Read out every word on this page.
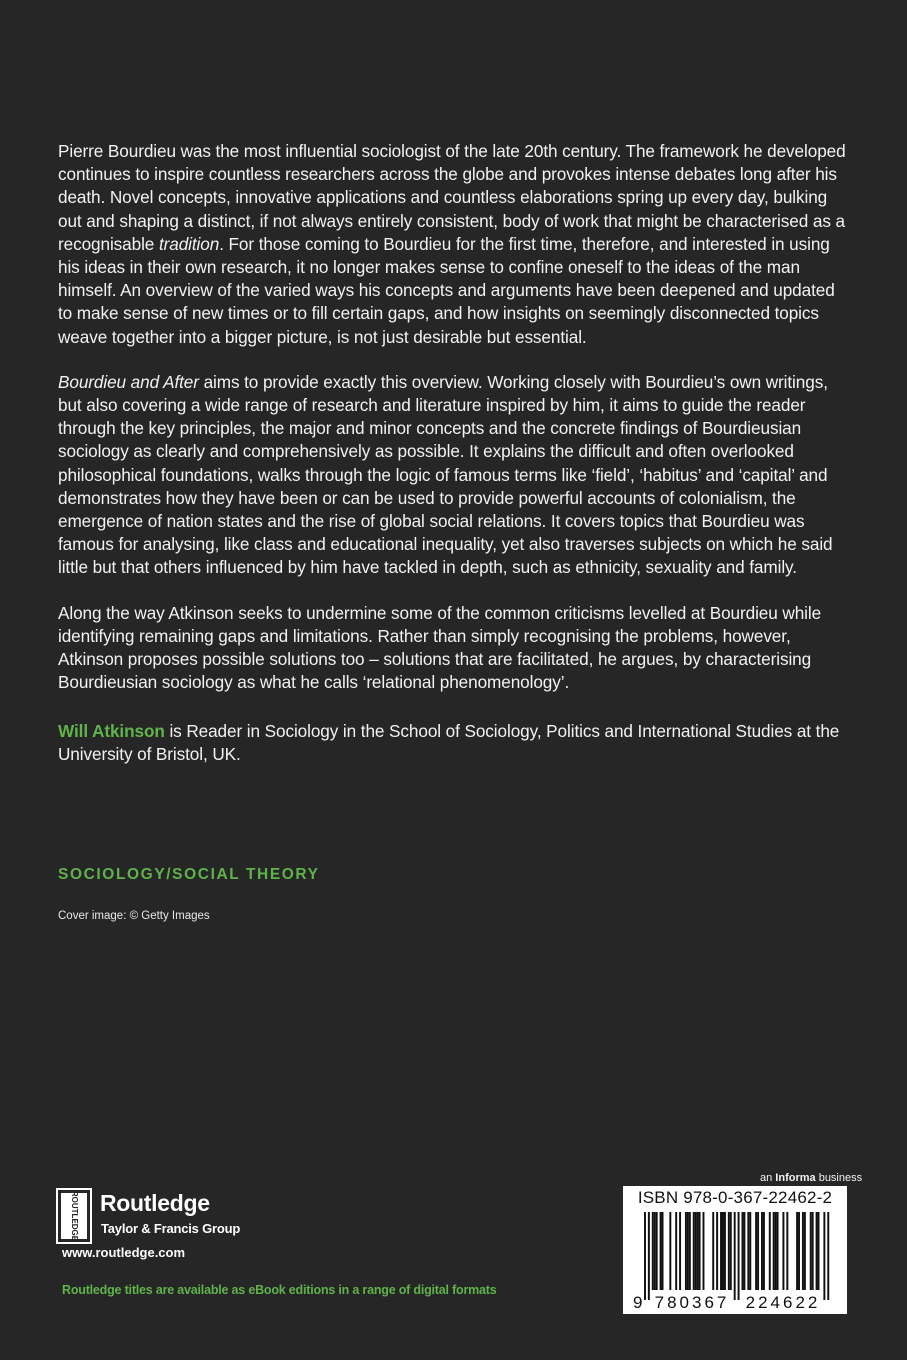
Pierre Bourdieu was the most influential sociologist of the late 20th century. The framework he developed continues to inspire countless researchers across the globe and provokes intense debates long after his death. Novel concepts, innovative applications and countless elaborations spring up every day, bulking out and shaping a distinct, if not always entirely consistent, body of work that might be characterised as a recognisable tradition. For those coming to Bourdieu for the first time, therefore, and interested in using his ideas in their own research, it no longer makes sense to confine oneself to the ideas of the man himself. An overview of the varied ways his concepts and arguments have been deepened and updated to make sense of new times or to fill certain gaps, and how insights on seemingly disconnected topics weave together into a bigger picture, is not just desirable but essential.

Bourdieu and After aims to provide exactly this overview. Working closely with Bourdieu’s own writings, but also covering a wide range of research and literature inspired by him, it aims to guide the reader through the key principles, the major and minor concepts and the concrete findings of Bourdieusian sociology as clearly and comprehensively as possible. It explains the difficult and often overlooked philosophical foundations, walks through the logic of famous terms like ‘field’, ‘habitus’ and ‘capital’ and demonstrates how they have been or can be used to provide powerful accounts of colonialism, the emergence of nation states and the rise of global social relations. It covers topics that Bourdieu was famous for analysing, like class and educational inequality, yet also traverses subjects on which he said little but that others influenced by him have tackled in depth, such as ethnicity, sexuality and family.

Along the way Atkinson seeks to undermine some of the common criticisms levelled at Bourdieu while identifying remaining gaps and limitations. Rather than simply recognising the problems, however, Atkinson proposes possible solutions too – solutions that are facilitated, he argues, by characterising Bourdieusian sociology as what he calls ‘relational phenomenology’.

Will Atkinson is Reader in Sociology in the School of Sociology, Politics and International Studies at the University of Bristol, UK.
SOCIOLOGY/SOCIAL THEORY
Cover image: © Getty Images
ROUTLEDGE Routledge
Taylor & Francis Group
www.routledge.com
Routledge titles are available as eBook editions in a range of digital formats
an Informa business
ISBN 978-0-367-22462-2
9 780367 224622
